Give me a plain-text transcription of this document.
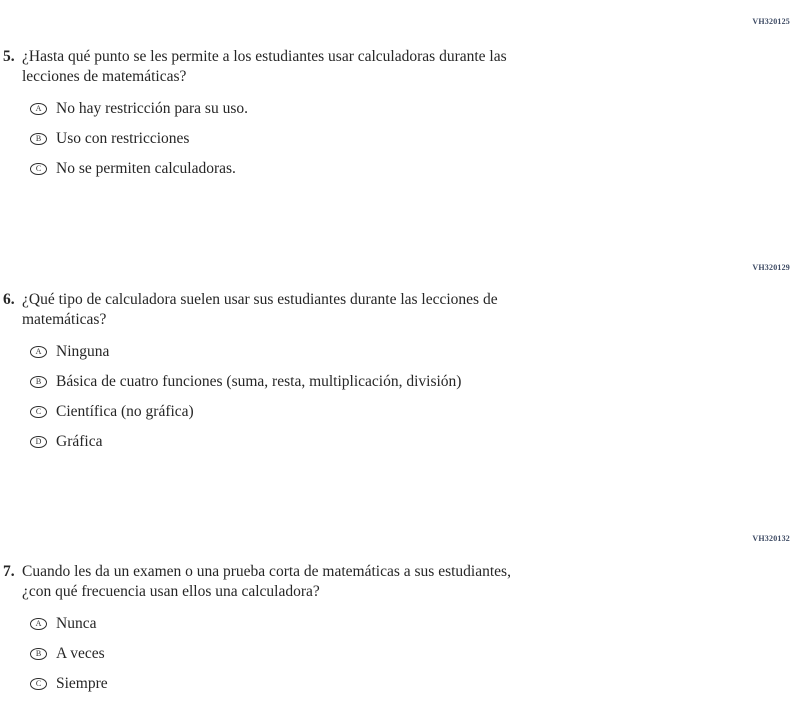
VH320125
5. ¿Hasta qué punto se les permite a los estudiantes usar calculadoras durante las
lecciones de matemáticas?
A No hay restricción para su uso.
B Uso con restricciones
C No se permiten calculadoras.
VH320129
6. ¿Qué tipo de calculadora suelen usar sus estudiantes durante las lecciones de
matemáticas?
A Ninguna
B Básica de cuatro funciones (suma, resta, multiplicación, división)
C Científica (no gráfica)
D Gráfica
VH320132
7. Cuando les da un examen o una prueba corta de matemáticas a sus estudiantes,
¿con qué frecuencia usan ellos una calculadora?
A Nunca
B A veces
C Siempre
